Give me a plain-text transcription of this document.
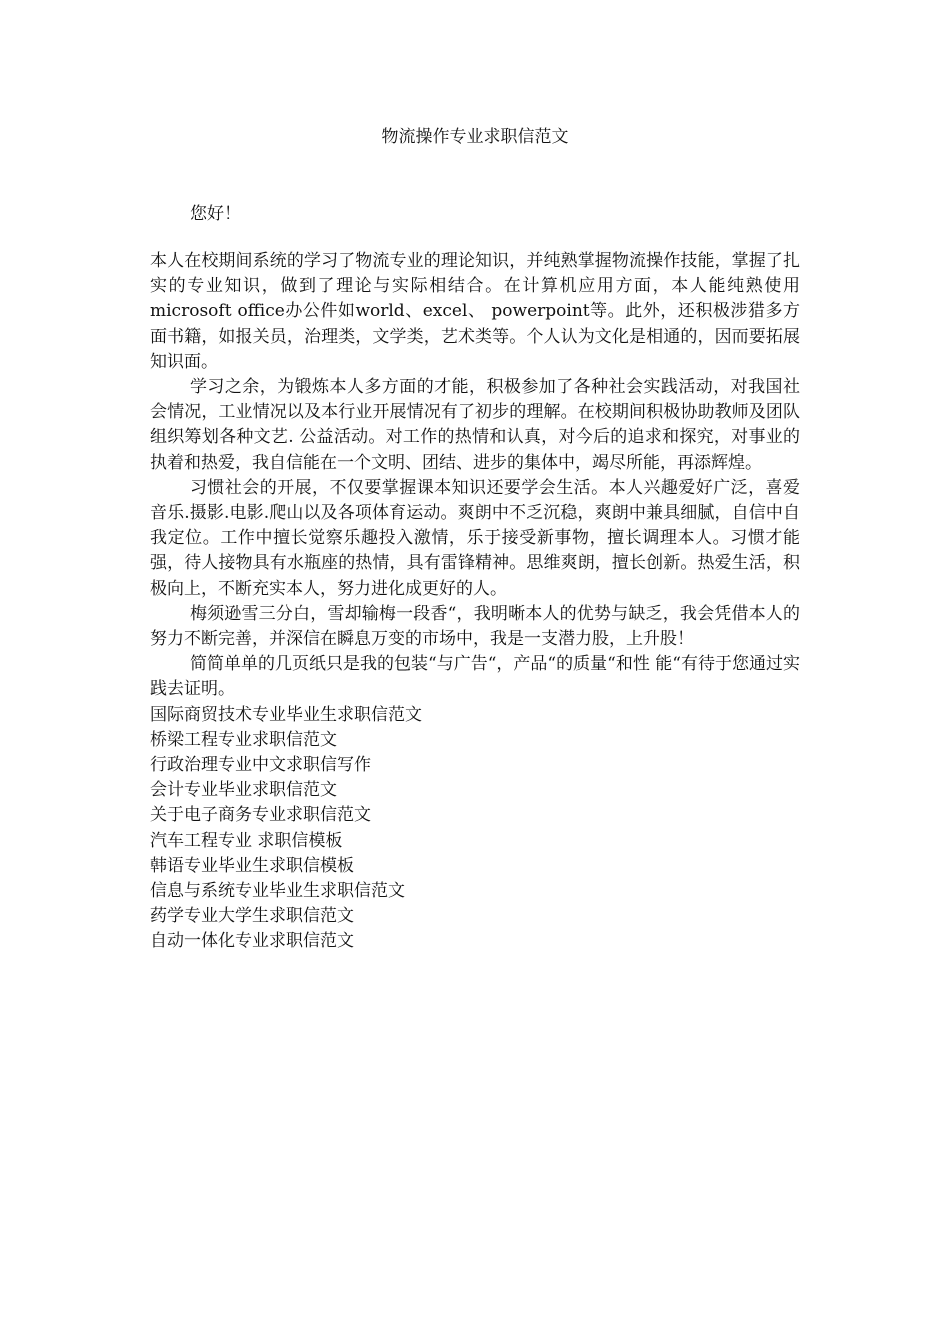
物流操作专业求职信范文
您好！

本人在校期间系统的学习了物流专业的理论知识，并纯熟掌握物流操作技能，掌握了扎实的专业知识，做到了理论与实际相结合。在计算机应用方面，本人能纯熟使用microsoft office办公件如world、excel、 powerpoint等。此外，还积极涉猎多方面书籍，如报关员，治理类，文学类，艺术类等。个人认为文化是相通的，因而要拓展知识面。

学习之余，为锻炼本人多方面的才能，积极参加了各种社会实践活动，对我国社会情况，工业情况以及本行业开展情况有了初步的理解。在校期间积极协助教师及团队组织筹划各种文艺. 公益活动。对工作的热情和认真，对今后的追求和探究，对事业的执着和热爱，我自信能在一个文明、团结、进步的集体中，竭尽所能，再添辉煌。

习惯社会的开展，不仅要掌握课本知识还要学会生活。本人兴趣爱好广泛，喜爱音乐.摄影.电影.爬山以及各项体育运动。爽朗中不乏沉稳，爽朗中兼具细腻，自信中自我定位。工作中擅长觉察乐趣投入激情，乐于接受新事物，擅长调理本人。习惯才能强，待人接物具有水瓶座的热情，具有雷锋精神。思维爽朗，擅长创新。热爱生活，积极向上，不断充实本人，努力进化成更好的人。

梅须逊雪三分白，雪却输梅一段香“，我明晰本人的优势与缺乏，我会凭借本人的努力不断完善，并深信在瞬息万变的市场中，我是一支潜力股，上升股！

简简单单的几页纸只是我的包装“与广告“，产品“的质量“和性 能“有待于您通过实践去证明。

国际商贸技术专业毕业生求职信范文
桥梁工程专业求职信范文
行政治理专业中文求职信写作
会计专业毕业求职信范文
关于电子商务专业求职信范文
汽车工程专业 求职信模板
韩语专业毕业生求职信模板
信息与系统专业毕业生求职信范文
药学专业大学生求职信范文
自动一体化专业求职信范文
